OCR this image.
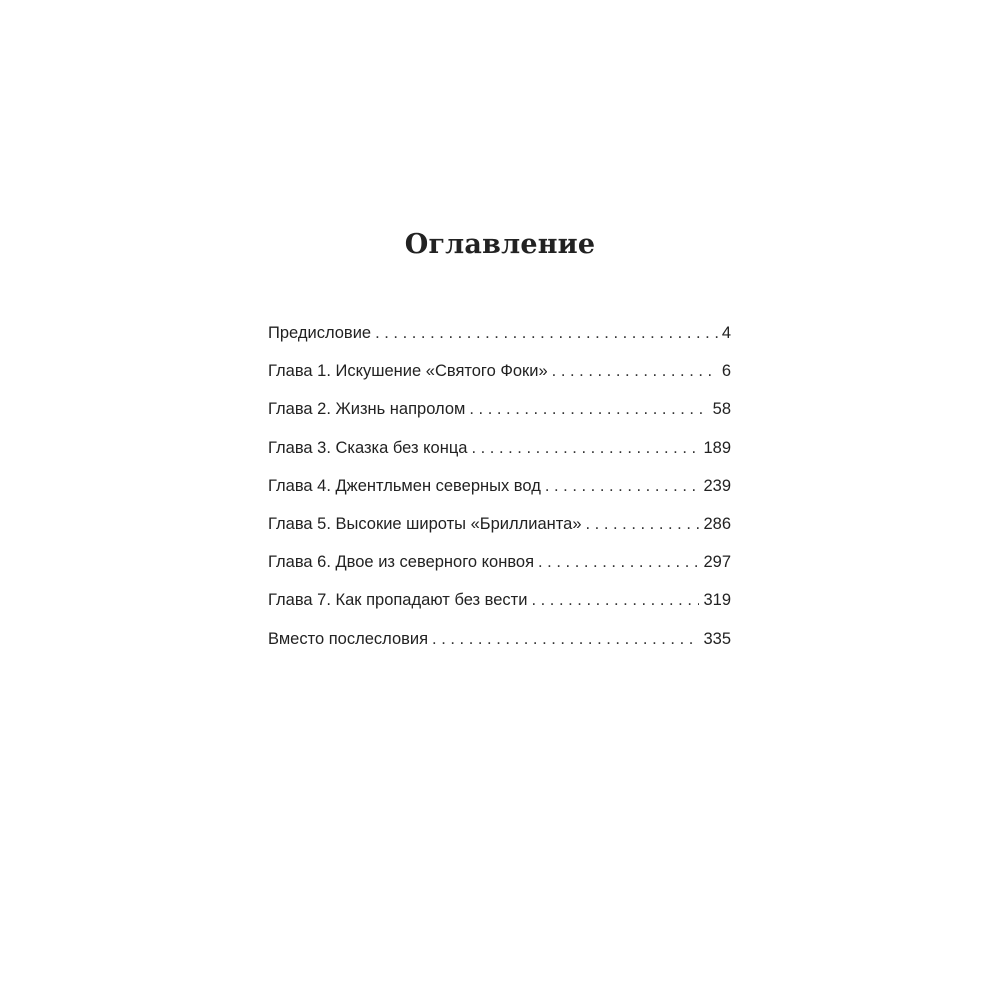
Оглавление
Предисловие . . .	4
Глава 1. Искушение «Святого Фоки» . . .	6
Глава 2. Жизнь напролом . . .	58
Глава 3. Сказка без конца . . .	189
Глава 4. Джентльмен северных вод . . .	239
Глава 5. Высокие широты «Бриллианта» . . .	286
Глава 6. Двое из северного конвоя . . .	297
Глава 7. Как пропадают без вести . . .	319
Вместо послесловия . . .	335
